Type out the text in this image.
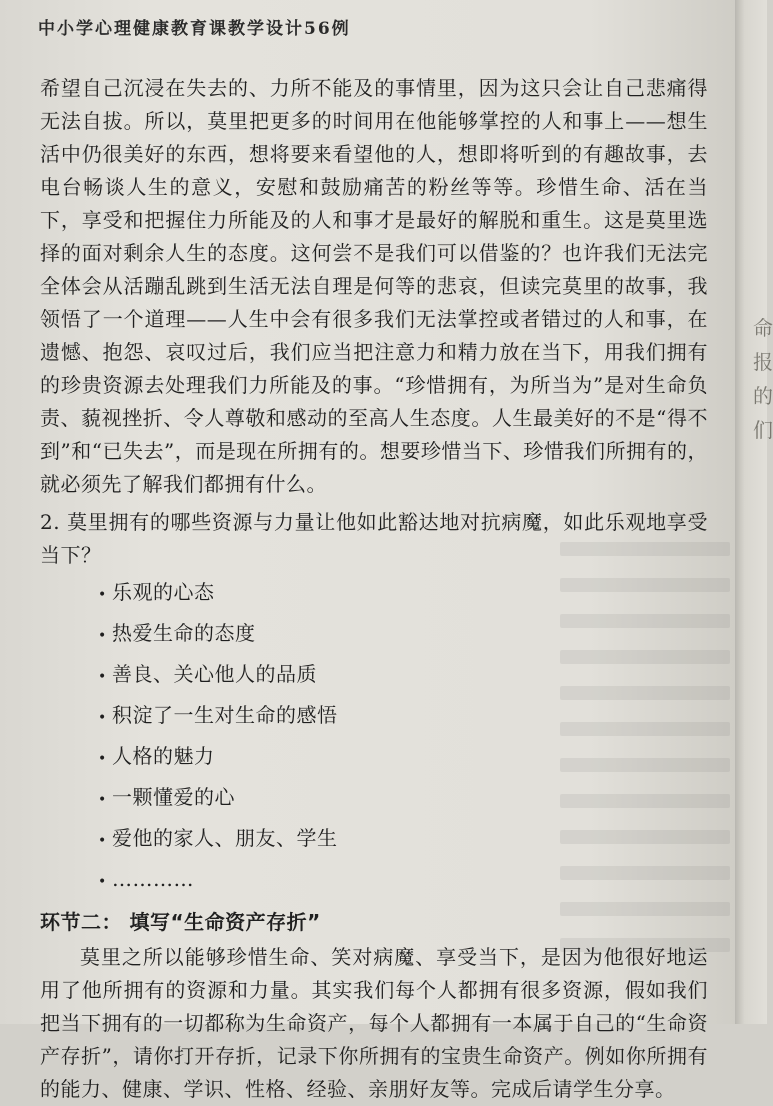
中小学心理健康教育课教学设计56例

希望自己沉浸在失去的、力所不能及的事情里，因为这只会让自己悲痛得无法自拔。所以，莫里把更多的时间用在他能够掌控的人和事上——想生活中仍很美好的东西，想将要来看望他的人，想即将听到的有趣故事，去电台畅谈人生的意义，安慰和鼓励痛苦的粉丝等等。珍惜生命、活在当下，享受和把握住力所能及的人和事才是最好的解脱和重生。这是莫里选择的面对剩余人生的态度。这何尝不是我们可以借鉴的？也许我们无法完全体会从活蹦乱跳到生活无法自理是何等的悲哀，但读完莫里的故事，我领悟了一个道理——人生中会有很多我们无法掌控或者错过的人和事，在遗憾、抱怨、哀叹过后，我们应当把注意力和精力放在当下，用我们拥有的珍贵资源去处理我们力所能及的事。“珍惜拥有，为所当为”是对生命负责、藐视挫折、令人尊敬和感动的至高人生态度。人生最美好的不是“得不到”和“已失去”，而是现在所拥有的。想要珍惜当下、珍惜我们所拥有的，就必须先了解我们都拥有什么。

2. 莫里拥有的哪些资源与力量让他如此豁达地对抗病魔，如此乐观地享受当下？

• 乐观的心态
• 热爱生命的态度
• 善良、关心他人的品质
• 积淀了一生对生命的感悟
• 人格的魅力
• 一颗懂爱的心
• 爱他的家人、朋友、学生
• …………
环节二： 填写“生命资产存折”

莫里之所以能够珍惜生命、笑对病魔、享受当下，是因为他很好地运用了他所拥有的资源和力量。其实我们每个人都拥有很多资源，假如我们把当下拥有的一切都称为生命资产，每个人都拥有一本属于自己的“生命资产存折”，请你打开存折，记录下你所拥有的宝贵生命资产。例如你所拥有的能力、健康、学识、性格、经验、亲朋好友等。完成后请学生分享。

命
报
的
们
